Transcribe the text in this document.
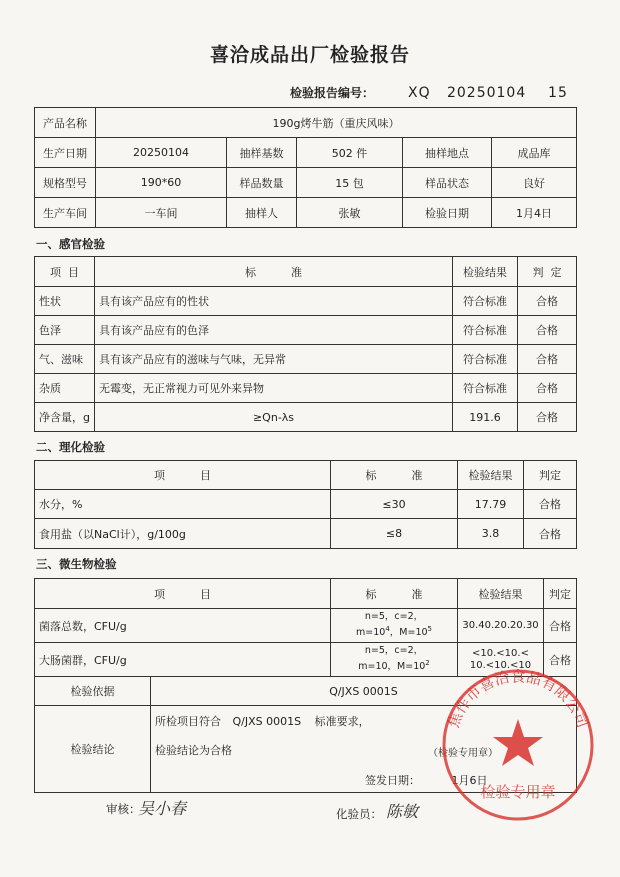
喜洽成品出厂检验报告
检验报告编号： XQ   20250104    15
产品名称	190g烤牛筋（重庆风味）				
生产日期	20250104	抽样基数	502 件	抽样地点	成品库
规格型号	190*60	样品数量	15 包	样品状态	良好
生产车间	一车间	抽样人	张敏	检验日期	1月4日
一、感官检验
项  目	标          准	检验结果	判  定
性状	具有该产品应有的性状	符合标准	合格
色泽	具有该产品应有的色泽	符合标准	合格
气、滋味	具有该产品应有的滋味与气味，无异常	符合标准	合格
杂质	无霉变，无正常视力可见外来异物	符合标准	合格
净含量，g	≥Qn-λs	191.6	合格
二、理化检验
项          目	标          准	检验结果	判定
水分，%	≤30	17.79	合格
食用盐（以NaCl计），g/100g	≤8	3.8	合格
三、微生物检验
项          目	标          准	检验结果	判定
菌落总数，CFU/g	n=5，c=2，
$m=10^4$，$M=10^5$	30.40.20.20.30	合格
大肠菌群，CFU/g	n=5，c=2，
m=10，$M=10^2$	<10.<10.<
10.<10.<10	合格
检验依据	Q/JXS 0001S
检验结论	
所检项目符合 Q/JXS 0001S 标准要求，
检验结论为合格	（检验专用章）
签发日期：	1月6日
审核：
吴小春	化验员： 陈敏
焦作市喜洽食品有限公司
检验专用章
